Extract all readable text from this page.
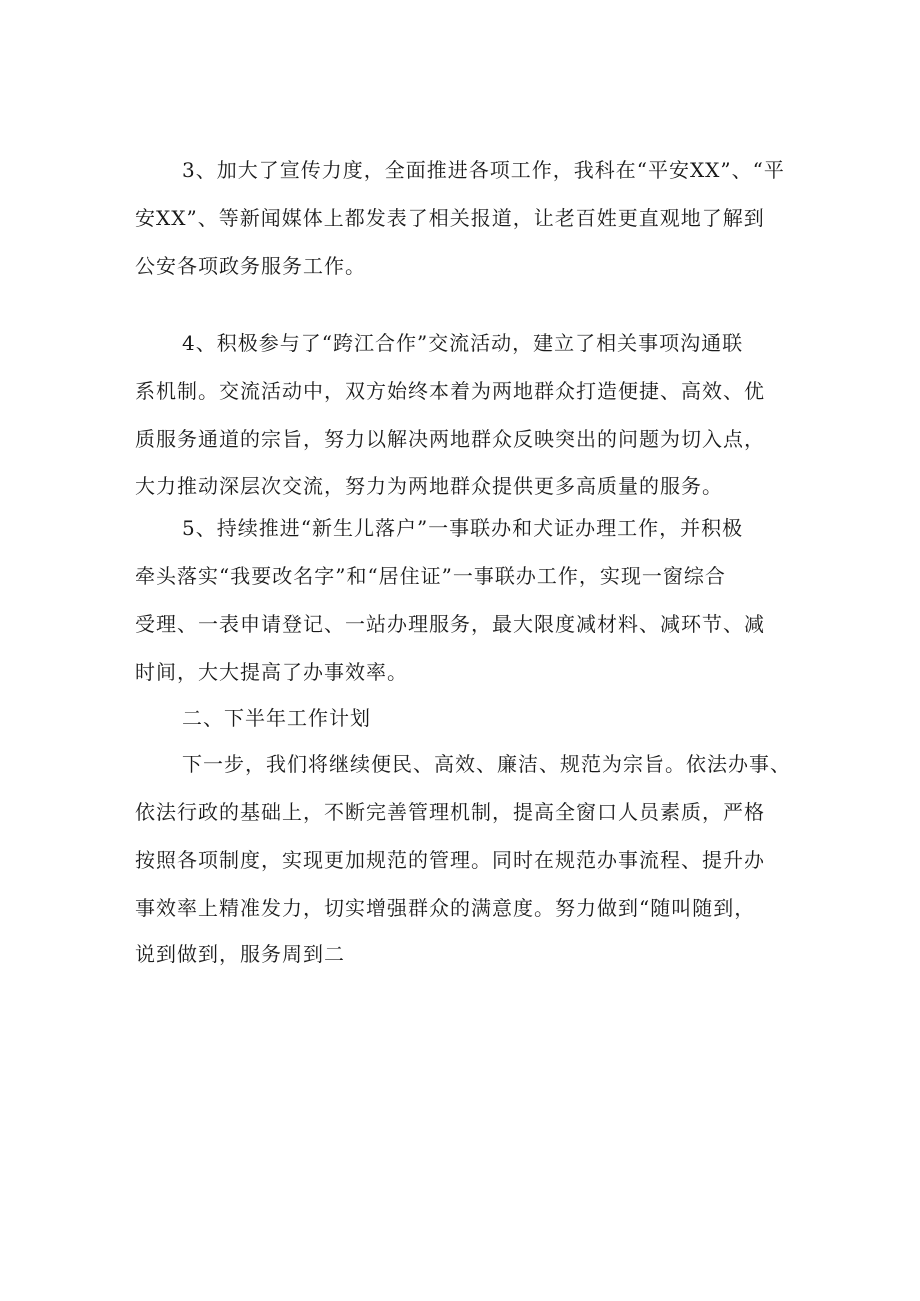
3、加大了宣传力度，全面推进各项工作，我科在“平安XX”、“平
安XX”、等新闻媒体上都发表了相关报道，让老百姓更直观地了解到
公安各项政务服务工作。
4、积极参与了“跨江合作”交流活动，建立了相关事项沟通联
系机制。交流活动中，双方始终本着为两地群众打造便捷、高效、优
质服务通道的宗旨，努力以解决两地群众反映突出的问题为切入点，
大力推动深层次交流，努力为两地群众提供更多高质量的服务。
5、持续推进“新生儿落户”一事联办和犬证办理工作，并积极
牵头落实“我要改名字”和“居住证”一事联办工作，实现一窗综合
受理、一表申请登记、一站办理服务，最大限度减材料、减环节、减
时间，大大提高了办事效率。
二、下半年工作计划
下一步，我们将继续便民、高效、廉洁、规范为宗旨。依法办事、
依法行政的基础上，不断完善管理机制，提高全窗口人员素质，严格
按照各项制度，实现更加规范的管理。同时在规范办事流程、提升办
事效率上精准发力，切实增强群众的满意度。努力做到“随叫随到，
说到做到，服务周到二
